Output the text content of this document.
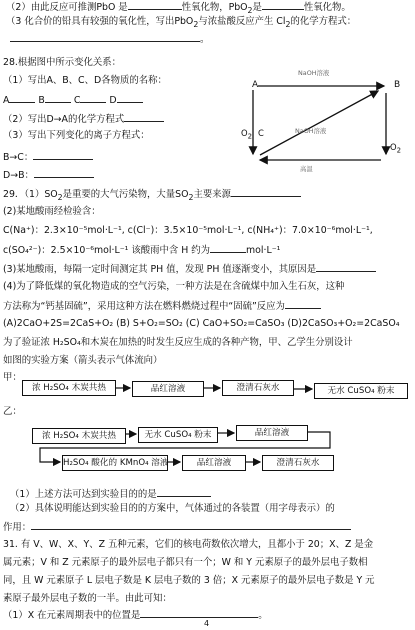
（2）由此反应可推测PbO 是	性氧化物，PbO$_2$是	性氧化物。
（3 化合价的铅具有较强的氧化性，写出PbO$_2$与浓盐酸反应产生 $Cl_2$的化学方程式：
。
28.根据图中所示变化关系：
（1）写出A、B、C、D各物质的名称：
A	B	C	D
（2）写出D→A的化学方程式
（3）写出下列变化的离子方程式：
B→C：
D→B：
A	B
NaOH溶液
$O_2$ C	NaOH溶液
$O_2$
高温
29．$(1)SO_2$是重要的大气污染物，大量$SO_2$主要来源
(2)某地酸雨经检验含：
C(Na⁺)：2.3×10⁻⁵mol·L⁻¹, c(Cl⁻)：3.5×10⁻⁵mol·L⁻¹, c(NH₄⁺)：7.0×10⁻⁶mol·L⁻¹,
c(SO₄²⁻)：2.5×10⁻⁶mol·L⁻¹ 该酸雨中含 H 约为	mol·L⁻¹
(3)某地酸雨，每隔一定时间测定其 PH 值，发现 PH 值逐渐变小，其原因是
(4)为了降低煤的氧化物造成的空气污染，一种方法是在含硫煤中加入生石灰，这种
方法称为“钙基固硫”，采用这种方法在燃料燃烧过程中“固硫”反应为
(A)2CaO+2S=2CaS+O₂ (B) S+O₂=SO₂ (C) CaO+SO₂=CaSO₃ (D)2CaSO₃+O₂=2CaSO₄
为了验证浓 H₂SO₄和木炭在加热的时发生反应生成的各种产物，甲、乙学生分别设计
如图的实验方案（箭头表示气体流向）
甲：
浓 H₂SO₄ 木炭共热	品红溶液	澄清石灰水	无水 CuSO₄ 粉末
乙：
浓 H₂SO₄ 木炭共热	无水 CuSO₄ 粉末	品红溶液
H₂SO₄ 酸化的 KMnO₄ 溶液	品红溶液	澄清石灰水
（1）上述方法可达到实验目的的是
（2）具体说明能达到实验目的的方案中，气体通过的各装置（用字母表示）的
作用：
31. 有 V、W、X、Y、Z 五种元素，它们的核电荷数依次增大，且都小于 20；X、Z 是金
属元素；V 和 Z 元素原子的最外层电子都只有一个；W 和 Y 元素原子的最外层电子数相
同，且 W 元素原子 L 层电子数是 K 层电子数的 3 倍；X 元素原子的最外层电子数是 Y 元
素原子最外层电子数的一半。由此可知：
（1）X 在元素周期表中的位置是	。
4
